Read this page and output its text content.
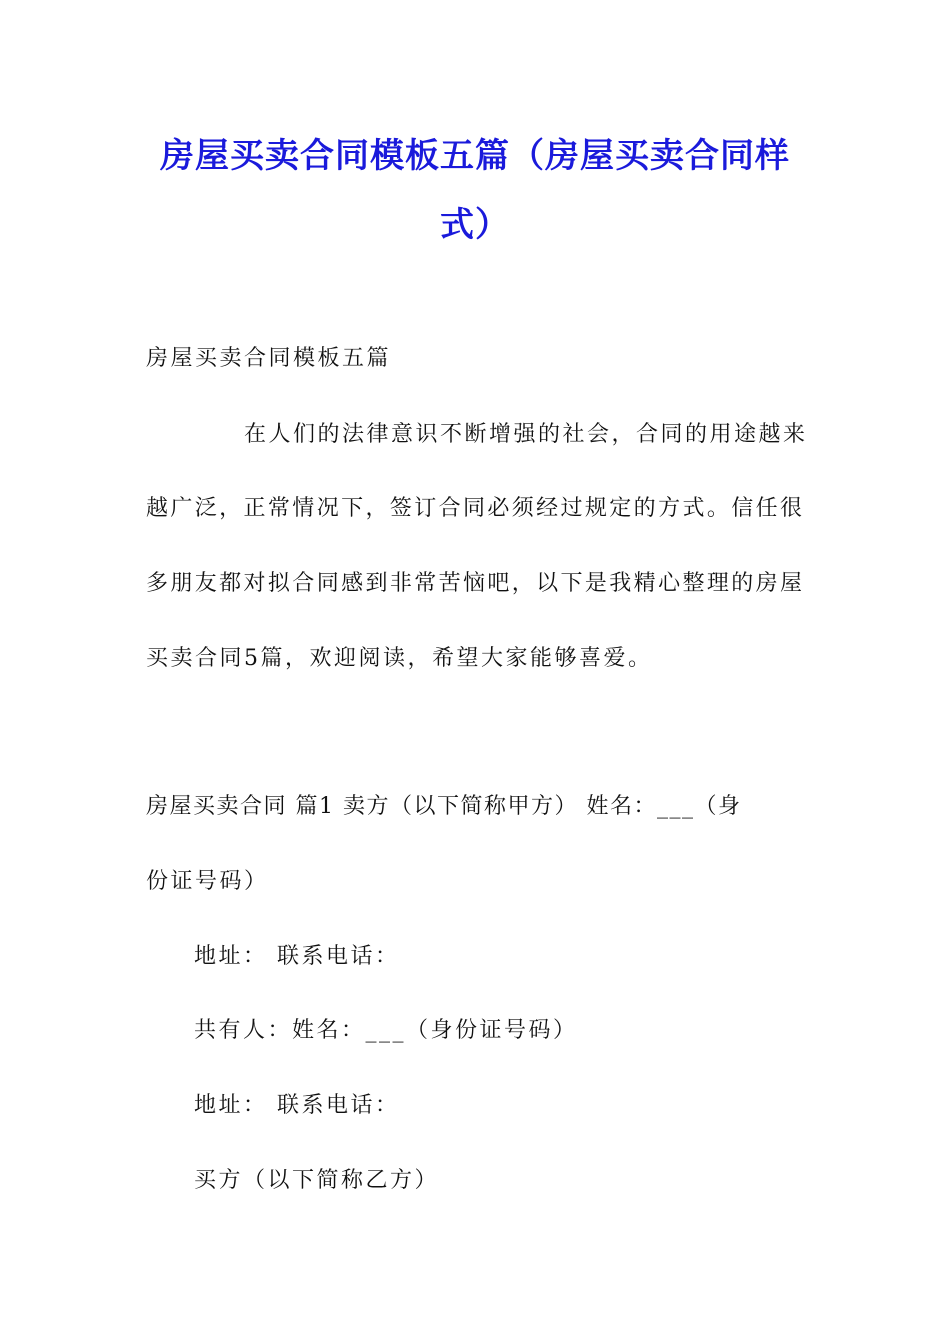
房屋买卖合同模板五篇（房屋买卖合同样
式）
房屋买卖合同模板五篇
在人们的法律意识不断增强的社会，合同的用途越来
越广泛，正常情况下，签订合同必须经过规定的方式。信任很
多朋友都对拟合同感到非常苦恼吧，以下是我精心整理的房屋
买卖合同5篇，欢迎阅读，希望大家能够喜爱。
房屋买卖合同 篇1 卖方（以下简称甲方） 姓名：___（身
份证号码）
地址： 联系电话：
共有人：姓名：___（身份证号码）
地址： 联系电话：
买方（以下简称乙方）
